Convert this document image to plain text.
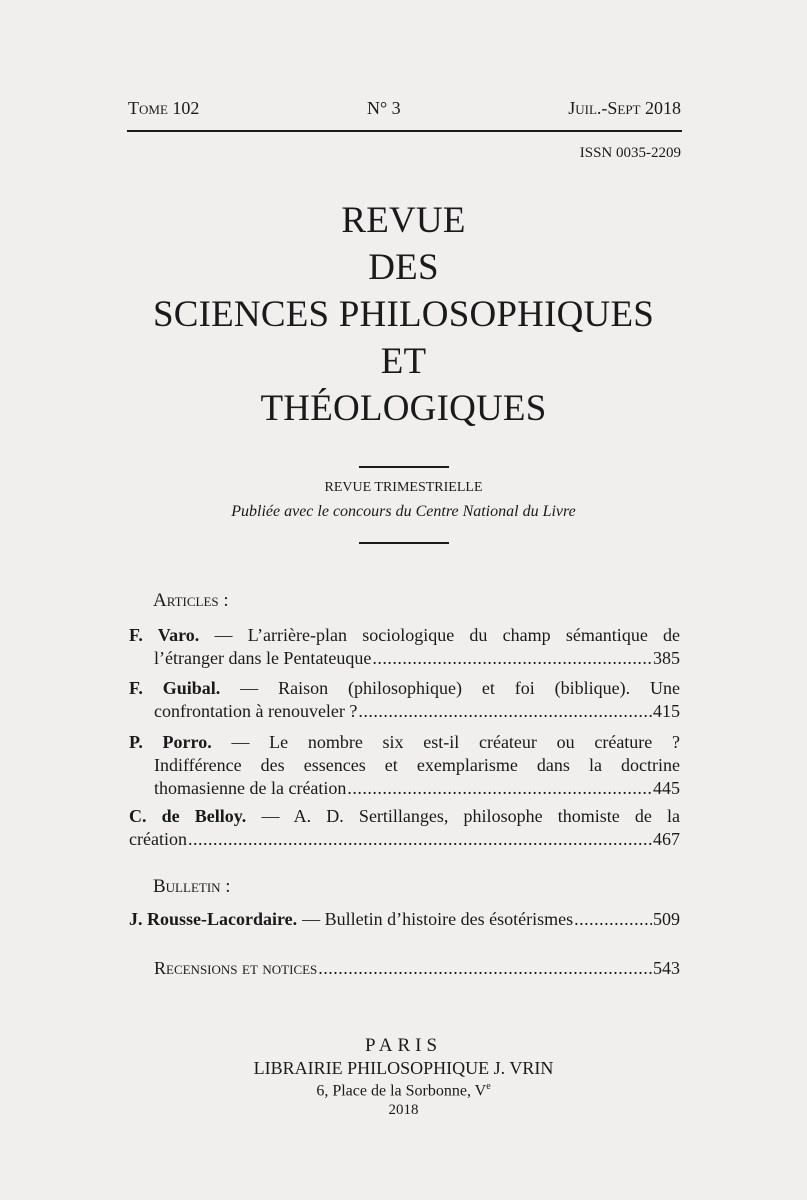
Tome 102	N° 3	Juil.-Sept 2018
ISSN 0035-2209
REVUE
DES
SCIENCES PHILOSOPHIQUES
ET
THÉOLOGIQUES
REVUE TRIMESTRIELLE
Publiée avec le concours du Centre National du Livre
Articles :
F. Varo. — L’arrière-plan sociologique du champ sémantique de
l’étranger dans le Pentateuque .....	385
F. Guibal. — Raison (philosophique) et foi (biblique). Une
confrontation à renouveler ? .....	415
P. Porro. — Le nombre six est-il créateur ou créature ?
Indifférence des essences et exemplarisme dans la doctrine
thomasienne de la création .....	445
C. de Belloy. — A. D. Sertillanges, philosophe thomiste de la
création .....	467
Bulletin :
J. Rousse-Lacordaire. — Bulletin d’histoire des ésotérismes .....	509
Recensions et notices .....	543
PARIS
LIBRAIRIE PHILOSOPHIQUE J. VRIN
6, Place de la Sorbonne, Ve
2018
